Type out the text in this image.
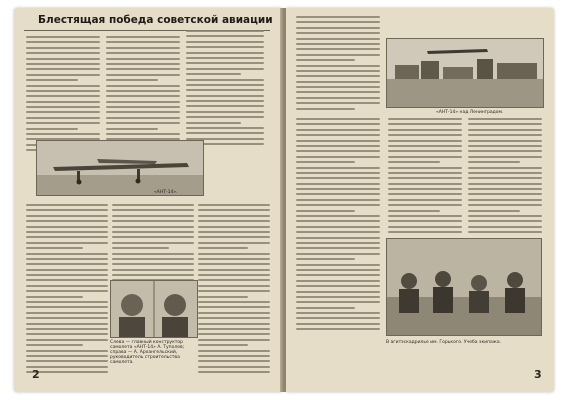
Блестящая победа советской авиации
«АНТ-14».
Слева — главный конструктор самолета «АНТ-14» А. Туполев; справа — А. Архангельский, руководитель строительства самолета.
2
«АНТ-14» над Ленинградом.
В агитэскадрилье им. Горького. Учеба экипажа.
3
